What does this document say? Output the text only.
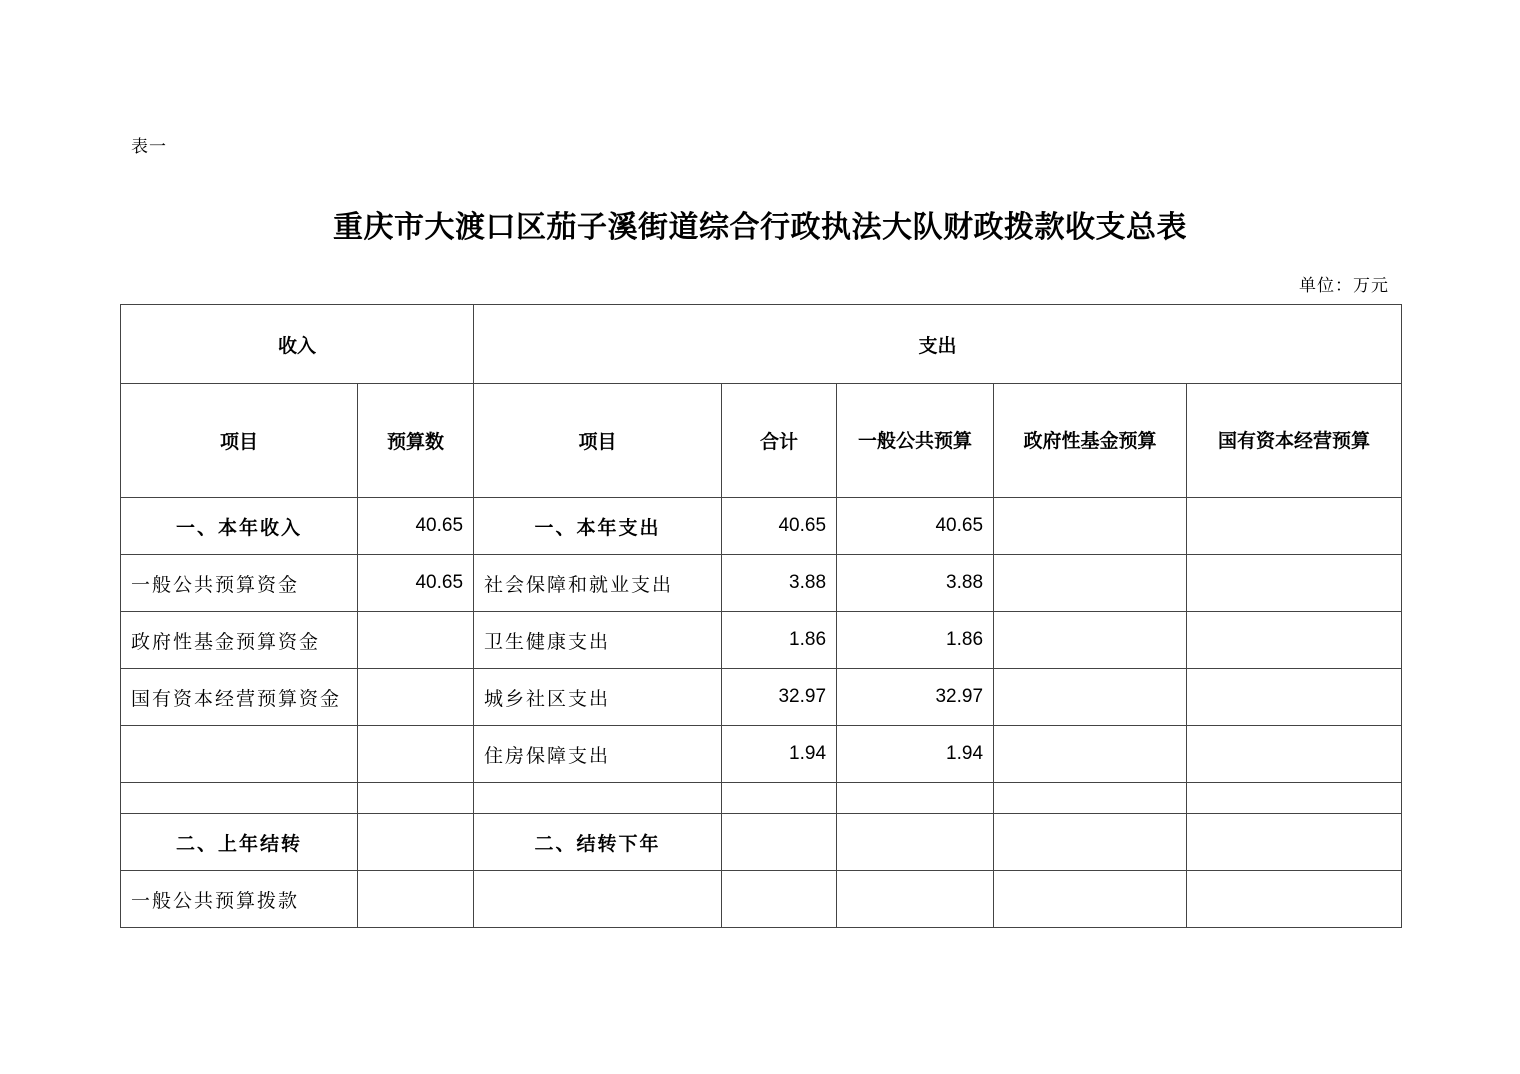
表一
重庆市大渡口区茄子溪街道综合行政执法大队财政拨款收支总表
单位：万元
收入		支出				
项目	预算数	项目	合计	一般公共预算	政府性基金预算	国有资本经营预算
一、本年收入	40.65	一、本年支出	40.65	40.65		
一般公共预算资金	40.65	社会保障和就业支出	3.88	3.88		
政府性基金预算资金		卫生健康支出	1.86	1.86		
国有资本经营预算资金		城乡社区支出	32.97	32.97		
		住房保障支出	1.94	1.94		

二、上年结转		二、结转下年				
一般公共预算拨款						
